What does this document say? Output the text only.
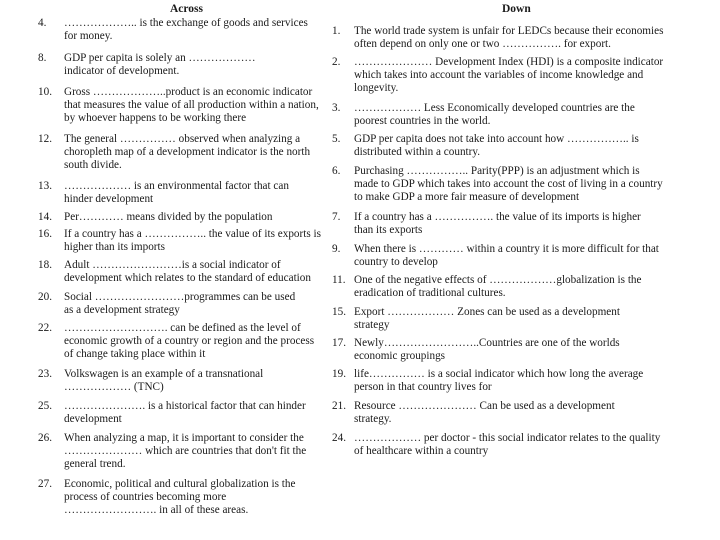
Across
4. ……………….. is the exchange of goods and services
for money.
8. GDP per capita is solely an ………………
indicator of development.
10. Gross ………………..product is an economic indicator
that measures the value of all production within a nation,
by whoever happens to be working there
12. The general …………… observed when analyzing a
choropleth map of a development indicator is the north
south divide.
13. ……………… is an environmental factor that can
hinder development
14. Per………… means divided by the population
16. If a country has a …………….. the value of its exports is
higher than its imports
18. Adult ……………………is a social indicator of
development which relates to the standard of education
20. Social ……………………programmes can be used
as a development strategy
22. ………………………. can be defined as the level of
economic growth of a country or region and the process
of change taking place within it
23. Volkswagen is an example of a transnational
……………… (TNC)
25. …………………. is a historical factor that can hinder
development
26. When analyzing a map, it is important to consider the
………………… which are countries that don't fit the
general trend.
27. Economic, political and cultural globalization is the
process of countries becoming more
……………………. in all of these areas.
Down
1. The world trade system is unfair for LEDCs because their economies
often depend on only one or two ……………. for export.
2. ………………… Development Index (HDI) is a composite indicator
which takes into account the variables of income knowledge and
longevity.
3. ……………… Less Economically developed countries are the
poorest countries in the world.
5. GDP per capita does not take into account how …………….. is
distributed within a country.
6. Purchasing …………….. Parity(PPP) is an adjustment which is
made to GDP which takes into account the cost of living in a country
to make GDP a more fair measure of development
7. If a country has a ……………. the value of its imports is higher
than its exports
9. When there is ………… within a country it is more difficult for that
country to develop
11. One of the negative effects of ………………globalization is the
eradication of traditional cultures.
15. Export ……………… Zones can be used as a development
strategy
17. Newly……………………..Countries are one of the worlds
economic groupings
19. life…………… is a social indicator which how long the average
person in that country lives for
21. Resource ………………… Can be used as a development
strategy.
24. ……………… per doctor - this social indicator relates to the quality
of healthcare within a country
